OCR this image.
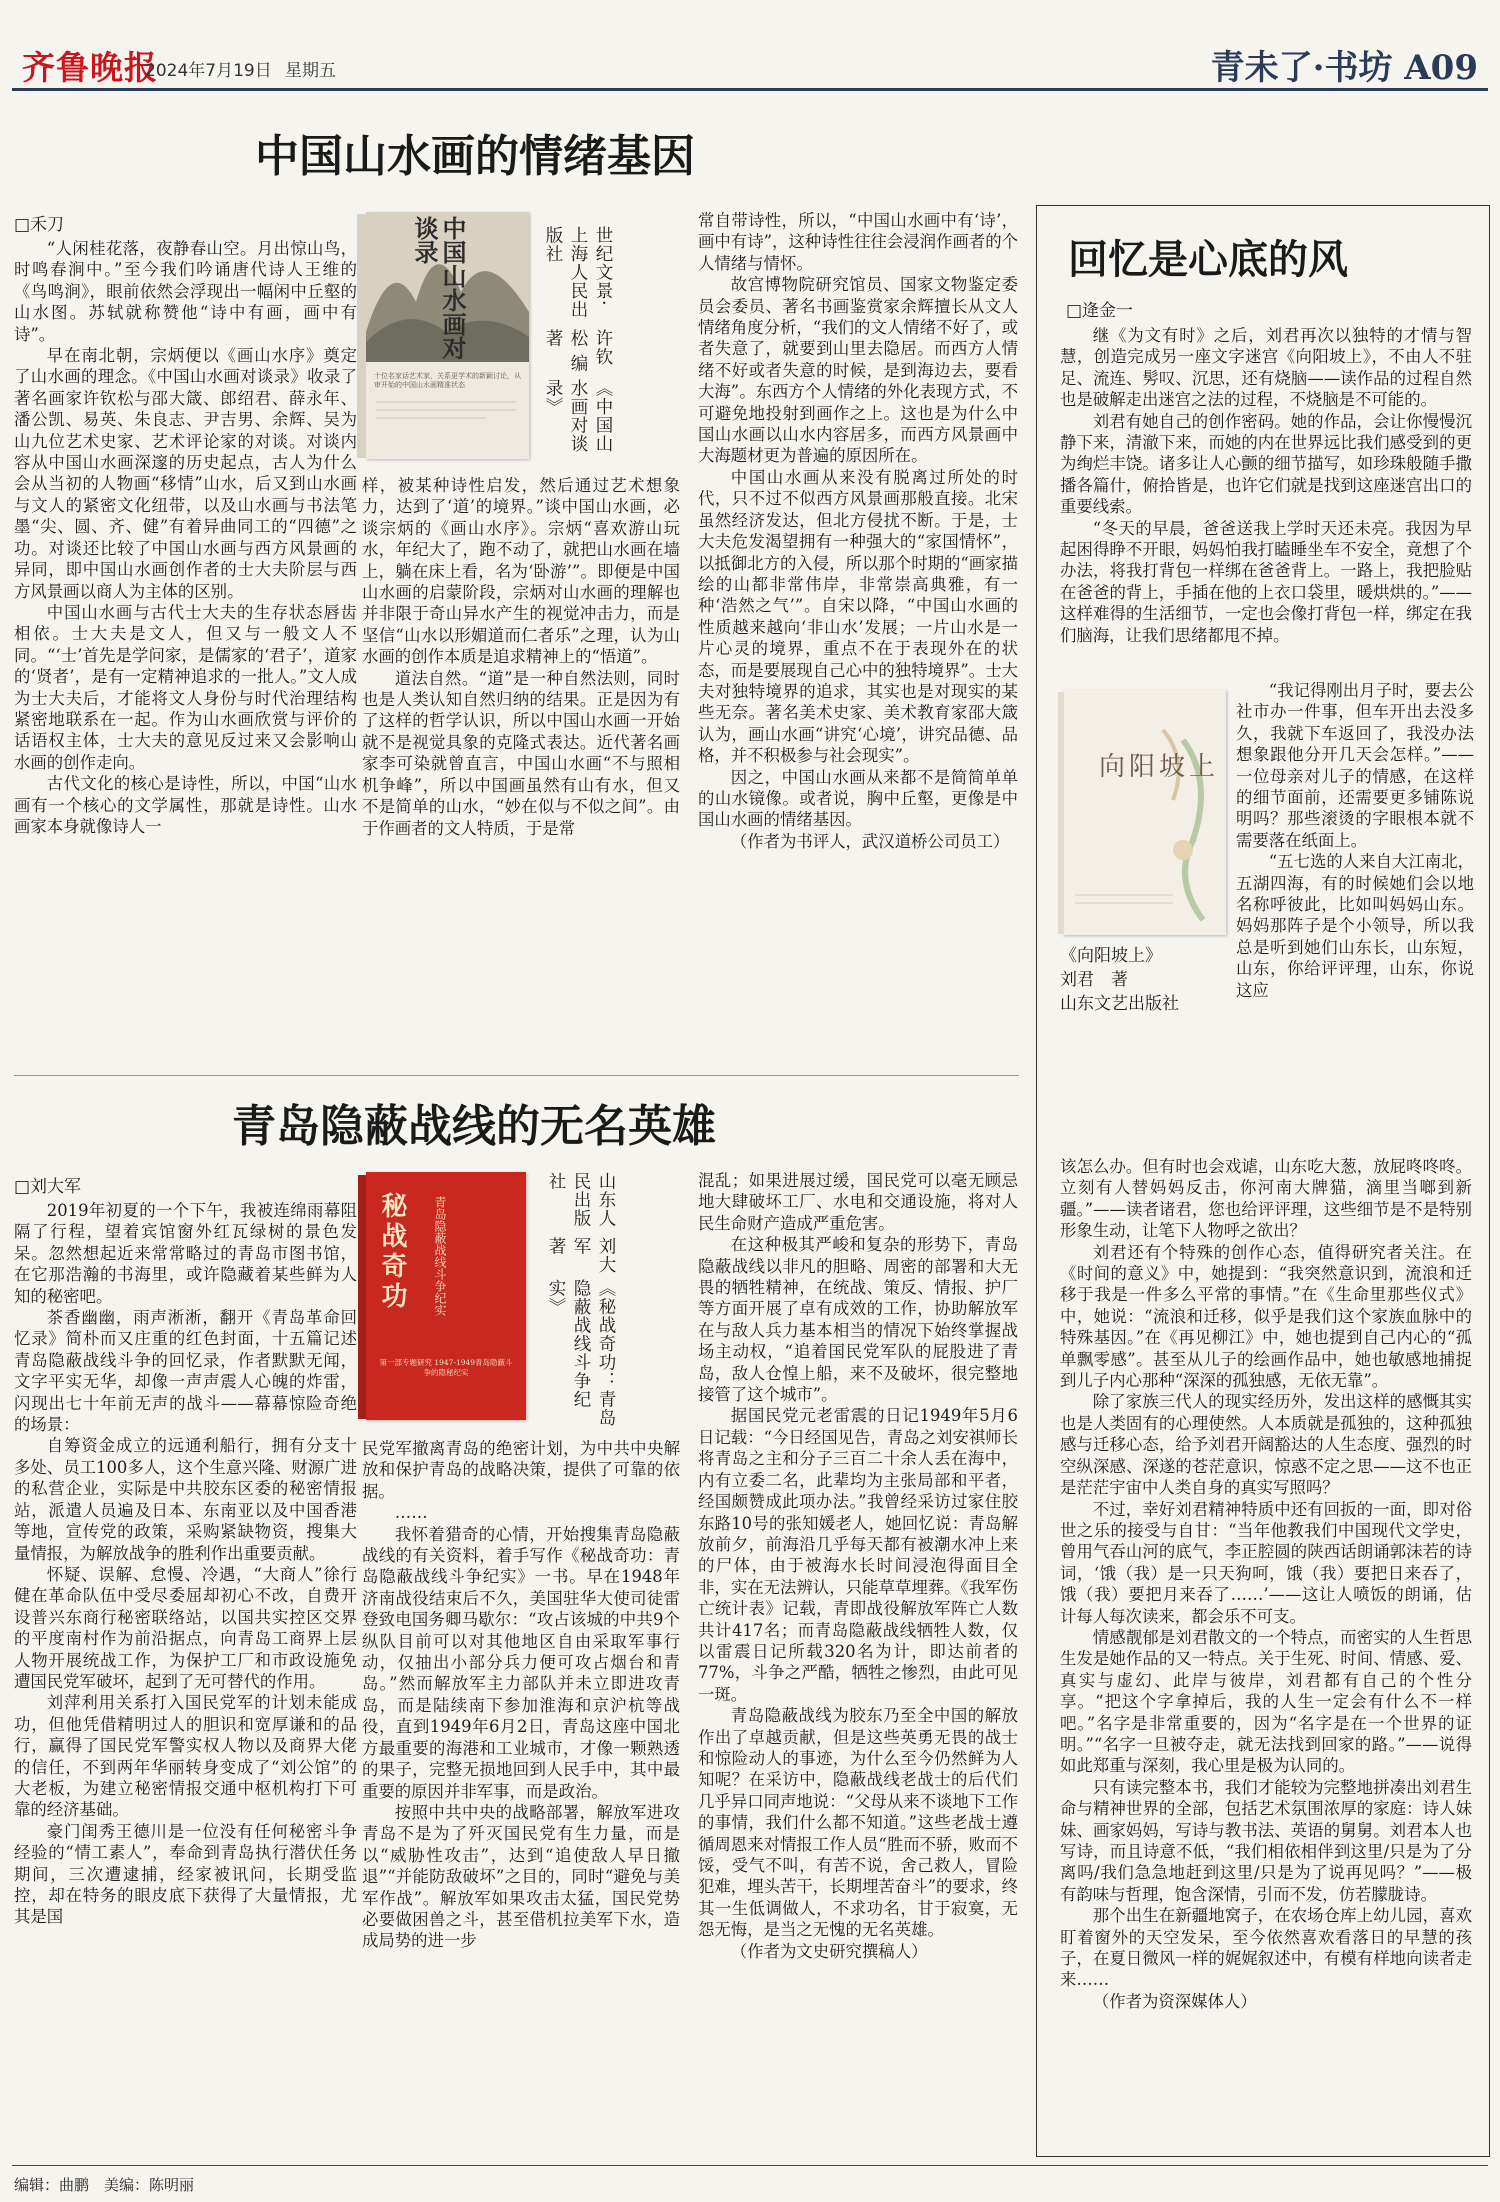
齐鲁晚报
2024年7月19日 星期五	青未了·书坊 A09
中国山水画的情绪基因
□禾刀

“人闲桂花落，夜静春山空。月出惊山鸟，时鸣春涧中。”至今我们吟诵唐代诗人王维的《鸟鸣涧》，眼前依然会浮现出一幅闲中丘壑的山水图。苏轼就称赞他“诗中有画，画中有诗”。

早在南北朝，宗炳便以《画山水序》奠定了山水画的理念。《中国山水画对谈录》收录了著名画家许钦松与邵大箴、郎绍君、薛永年、潘公凯、易英、朱良志、尹吉男、余辉、吴为山九位艺术史家、艺术评论家的对谈。对谈内容从中国山水画深邃的历史起点，古人为什么会从当初的人物画“移情”山水，后又到山水画与文人的紧密文化纽带，以及山水画与书法笔墨“尖、圆、齐、健”有着异曲同工的“四德”之功。对谈还比较了中国山水画与西方风景画的异同，即中国山水画创作者的士大夫阶层与西方风景画以商人为主体的区别。

中国山水画与古代士大夫的生存状态唇齿相依。士大夫是文人，但又与一般文人不同。“‘士’首先是学问家，是儒家的‘君子’，道家的‘贤者’，是有一定精神追求的一批人。”文人成为士大夫后，才能将文人身份与时代治理结构紧密地联系在一起。作为山水画欣赏与评价的话语权主体，士大夫的意见反过来又会影响山水画的创作走向。

古代文化的核心是诗性，所以，中国“山水画有一个核心的文学属性，那就是诗性。山水画家本身就像诗人一

中国山水画对谈录
十位名家话艺术家，关系更学术的新颖讨论，从审开始的中国山水画精准状态	《中国山水画对谈录》
许钦松 编著
世纪文景·上海人民出版社

样，被某种诗性启发，然后通过艺术想象力，达到了‘道’的境界。”谈中国山水画，必谈宗炳的《画山水序》。宗炳“喜欢游山玩水，年纪大了，跑不动了，就把山水画在墙上，躺在床上看，名为‘卧游’”。即便是中国山水画的启蒙阶段，宗炳对山水画的理解也并非限于奇山异水产生的视觉冲击力，而是坚信“山水以形媚道而仁者乐”之理，认为山水画的创作本质是追求精神上的“悟道”。

道法自然。“道”是一种自然法则，同时也是人类认知自然归纳的结果。正是因为有了这样的哲学认识，所以中国山水画一开始就不是视觉具象的克隆式表达。近代著名画家李可染就曾直言，中国山水画“不与照相机争峰”，所以中国画虽然有山有水，但又不是简单的山水，“妙在似与不似之间”。由于作画者的文人特质，于是常

常自带诗性，所以，“中国山水画中有‘诗’，画中有诗”，这种诗性往往会浸润作画者的个人情绪与情怀。

故宫博物院研究馆员、国家文物鉴定委员会委员、著名书画鉴赏家余辉擅长从文人情绪角度分析，“我们的文人情绪不好了，或者失意了，就要到山里去隐居。而西方人情绪不好或者失意的时候，是到海边去，要看大海”。东西方个人情绪的外化表现方式，不可避免地投射到画作之上。这也是为什么中国山水画以山水内容居多，而西方风景画中大海题材更为普遍的原因所在。

中国山水画从来没有脱离过所处的时代，只不过不似西方风景画那般直接。北宋虽然经济发达，但北方侵扰不断。于是，士大夫危发渴望拥有一种强大的“家国情怀”，以抵御北方的入侵，所以那个时期的“画家描绘的山都非常伟岸，非常崇高典雅，有一种‘浩然之气’”。自宋以降，“中国山水画的性质越来越向‘非山水’发展；一片山水是一片心灵的境界，重点不在于表现外在的状态，而是要展现自己心中的独特境界”。士大夫对独特境界的追求，其实也是对现实的某些无奈。著名美术史家、美术教育家邵大箴认为，画山水画“讲究‘心境’，讲究品德、品格，并不积极参与社会现实”。

因之，中国山水画从来都不是简简单单的山水镜像。或者说，胸中丘壑，更像是中国山水画的情绪基因。

（作者为书评人，武汉道桥公司员工）

回忆是心底的风
□逄金一

继《为文有时》之后，刘君再次以独特的才情与智慧，创造完成另一座文字迷宫《向阳坡上》，不由人不驻足、流连、髣叹、沉思，还有烧脑——读作品的过程自然也是破解走出迷宫之法的过程，不烧脑是不可能的。

刘君有她自己的创作密码。她的作品，会让你慢慢沉静下来，清澈下来，而她的内在世界远比我们感受到的更为绚烂丰饶。诸多让人心颤的细节描写，如珍珠般随手撒播各篇什，俯拾皆是，也许它们就是找到这座迷宫出口的重要线索。

“冬天的早晨，爸爸送我上学时天还未亮。我因为早起困得睁不开眼，妈妈怕我打瞌睡坐车不安全，竟想了个办法，将我打背包一样绑在爸爸背上。一路上，我把脸贴在爸爸的背上，手插在他的上衣口袋里，暖烘烘的。”——这样难得的生活细节，一定也会像打背包一样，绑定在我们脑海，让我们思绪都甩不掉。

向阳坡上
《向阳坡上》
刘君　著
山东文艺出版社

“我记得刚出月子时，要去公社市办一件事，但车开出去没多久，我就下车返回了，我没办法想象跟他分开几天会怎样。”——一位母亲对儿子的情感，在这样的细节面前，还需要更多铺陈说明吗？那些滚烫的字眼根本就不需要落在纸面上。

“五七选的人来自大江南北，五湖四海，有的时候她们会以地名称呼彼此，比如叫妈妈山东。妈妈那阵子是个小领导，所以我总是听到她们山东长，山东短，山东，你给评评理，山东，你说这应

该怎么办。但有时也会戏谑，山东吃大葱，放屁咚咚咚。立刻有人替妈妈反击，你河南大牌猫，滴里当啷到新疆。”——读者诸君，您也给评评理，这些细节是不是特别形象生动，让笔下人物呼之欲出？

刘君还有个特殊的创作心态，值得研究者关注。在《时间的意义》中，她提到：“我突然意识到，流浪和迁移于我是一件多么平常的事情。”在《生命里那些仪式》中，她说：“流浪和迁移，似乎是我们这个家族血脉中的特殊基因。”在《再见柳江》中，她也提到自己内心的“孤单飘零感”。甚至从儿子的绘画作品中，她也敏感地捕捉到儿子内心那种“深深的孤独感，无依无靠”。

除了家族三代人的现实经历外，发出这样的感慨其实也是人类固有的心理使然。人本质就是孤独的，这种孤独感与迁移心态，给予刘君开阔豁达的人生态度、强烈的时空纵深感、深遂的苍茫意识，惊惑不定之思——这不也正是茫茫宇宙中人类自身的真实写照吗？

不过，幸好刘君精神特质中还有回扳的一面，即对俗世之乐的接受与自甘：“当年他教我们中国现代文学史，曾用气吞山河的底气，李正腔圆的陕西话朗诵郭沫若的诗词，‘饿（我）是一只天狗呵，饿（我）要把日来吞了，饿（我）要把月来吞了……’——这让人喷饭的朗诵，估计每人每次读来，都会乐不可支。

情感靓郁是刘君散文的一个特点，而密实的人生哲思生发是她作品的又一特点。关于生死、时间、情感、爱、真实与虚幻、此岸与彼岸，刘君都有自己的个性分享。“把这个字拿掉后，我的人生一定会有什么不一样吧。”名字是非常重要的，因为“名字是在一个世界的证明。”“名字一旦被夺走，就无法找到回家的路。”——说得如此郑重与深刻，我心里是极为认同的。

只有读完整本书，我们才能较为完整地拼凑出刘君生命与精神世界的全部，包括艺术氛围浓厚的家庭：诗人妹妹、画家妈妈，写诗与教书法、英语的舅舅。刘君本人也写诗，而且诗意不低，“我们相依相伴到这里/只是为了分离吗/我们急急地赶到这里/只是为了说再见吗？”——极有韵味与哲理，饱含深情，引而不发，仿若朦胧诗。

那个出生在新疆地窝子，在农场仓库上幼儿园，喜欢盯着窗外的天空发呆，至今依然喜欢看落日的早慧的孩子，在夏日微风一样的娓娓叙述中，有模有样地向读者走来……

（作者为资深媒体人）

青岛隐蔽战线的无名英雄
□刘大军

2019年初夏的一个下午，我被连绵雨幕阻隔了行程，望着宾馆窗外红瓦绿树的景色发呆。忽然想起近来常常略过的青岛市图书馆，在它那浩瀚的书海里，或许隐藏着某些鲜为人知的秘密吧。

茶香幽幽，雨声淅淅，翻开《青岛革命回忆录》简朴而又庄重的红色封面，十五篇记述青岛隐蔽战线斗争的回忆录，作者默默无闻，文字平实无华，却像一声声震人心魄的炸雷，闪现出七十年前无声的战斗——幕幕惊险奇绝的场景：

自筹资金成立的远通利船行，拥有分支十多处、员工100多人，这个生意兴隆、财源广进的私营企业，实际是中共胶东区委的秘密情报站，派遣人员遍及日本、东南亚以及中国香港等地，宣传党的政策，采购紧缺物资，搜集大量情报，为解放战争的胜利作出重要贡献。

怀疑、误解、怠慢、冷遇，“大商人”徐行健在革命队伍中受尽委屈却初心不改，自费开设普兴东商行秘密联络站，以国共实控区交界的平度南村作为前沿据点，向青岛工商界上层人物开展统战工作，为保护工厂和市政设施免遭国民党军破坏，起到了无可替代的作用。

刘萍利用关系打入国民党军的计划未能成功，但他凭借精明过人的胆识和宽厚谦和的品行，赢得了国民党军警实权人物以及商界大佬的信任，不到两年华丽转身变成了“刘公馆”的大老板，为建立秘密情报交通中枢机构打下可靠的经济基础。

豪门闺秀王德川是一位没有任何秘密斗争经验的“情工素人”，奉命到青岛执行潜伏任务期间，三次遭逮捕，经家被讯问，长期受监控，却在特务的眼皮底下获得了大量情报，尤其是国

秘战奇功 青岛隐蔽战线斗争纪实
第一部专题研究 1947-1949青岛隐蔽斗争的隐秘纪实	《秘战奇功：青岛隐蔽战线斗争纪实》
刘大军 著
山东人民出版社

民党军撤离青岛的绝密计划，为中共中央解放和保护青岛的战略决策，提供了可靠的依据。

……

我怀着猎奇的心情，开始搜集青岛隐蔽战线的有关资料，着手写作《秘战奇功：青岛隐蔽战线斗争纪实》一书。早在1948年济南战役结束后不久，美国驻华大使司徒雷登致电国务卿马歇尔：“攻占该城的中共9个纵队目前可以对其他地区自由采取军事行动，仅抽出小部分兵力便可攻占烟台和青岛。”然而解放军主力部队并未立即进攻青岛，而是陆续南下参加淮海和京沪杭等战役，直到1949年6月2日，青岛这座中国北方最重要的海港和工业城市，才像一颗熟透的果子，完整无损地回到人民手中，其中最重要的原因并非军事，而是政治。

按照中共中央的战略部署，解放军进攻青岛不是为了歼灭国民党有生力量，而是以“威胁性攻击”，达到“追使敌人早日撤退”“并能防敌破坏”之目的，同时“避免与美军作战”。解放军如果攻击太猛，国民党势必要做困兽之斗，甚至借机拉美军下水，造成局势的进一步

混乱；如果进展过缓，国民党可以毫无顾忌地大肆破坏工厂、水电和交通设施，将对人民生命财产造成严重危害。

在这种极其严峻和复杂的形势下，青岛隐蔽战线以非凡的胆略、周密的部署和大无畏的牺牲精神，在统战、策反、情报、护厂等方面开展了卓有成效的工作，协助解放军在与敌人兵力基本相当的情况下始终掌握战场主动权，“追着国民党军队的屁股进了青岛，敌人仓惶上船，来不及破坏，很完整地接管了这个城市”。

据国民党元老雷震的日记1949年5月6日记载：“今日经国见告，青岛之刘安祺师长将青岛之主和分子三百二十余人丢在海中，内有立委二名，此辈均为主张局部和平者，经国颇赞成此项办法。”我曾经采访过家住胶东路10号的张知媛老人，她回忆说：青岛解放前夕，前海沿几乎每天都有被潮水冲上来的尸体，由于被海水长时间浸泡得面目全非，实在无法辨认，只能草草埋葬。《我军伤亡统计表》记载，青即战役解放军阵亡人数共计417名；而青岛隐蔽战线牺牲人数，仅以雷震日记所载320名为计，即达前者的77%，斗争之严酷，牺牲之惨烈，由此可见一斑。

青岛隐蔽战线为胶东乃至全中国的解放作出了卓越贡献，但是这些英勇无畏的战士和惊险动人的事迹，为什么至今仍然鲜为人知呢？在采访中，隐蔽战线老战士的后代们几乎异口同声地说：“父母从来不谈地下工作的事情，我们什么都不知道。”这些老战士遵循周恩来对情报工作人员“胜而不骄，败而不馁，受气不叫，有苦不说，舍己救人，冒险犯难，埋头苦干，长期埋苦奋斗”的要求，终其一生低调做人，不求功名，甘于寂寞，无怨无悔，是当之无愧的无名英雄。

（作者为文史研究撰稿人）

编辑：曲鹏　美编：陈明丽
